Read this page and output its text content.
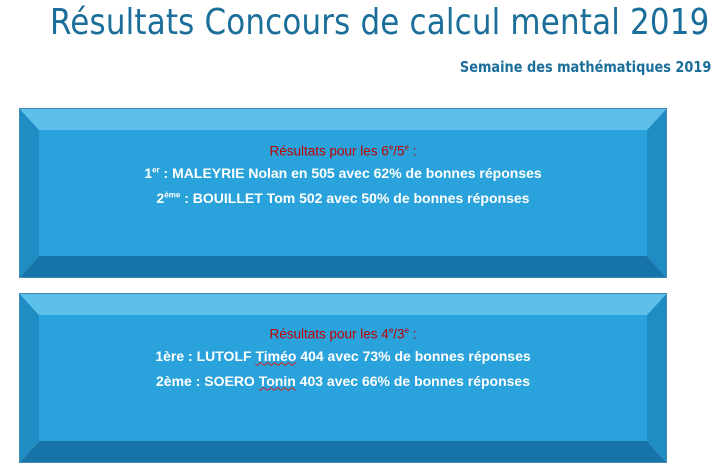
Résultats Concours de calcul mental 2019
Semaine des mathématiques 2019
Résultats pour les 6e/5e :
1er : MALEYRIE Nolan en 505 avec 62% de bonnes réponses
2ème : BOUILLET Tom 502 avec 50% de bonnes réponses
Résultats pour les 4e/3e :
1ère : LUTOLF Timéo 404 avec 73% de bonnes réponses
2ème : SOERO Tonin 403 avec 66% de bonnes réponses
